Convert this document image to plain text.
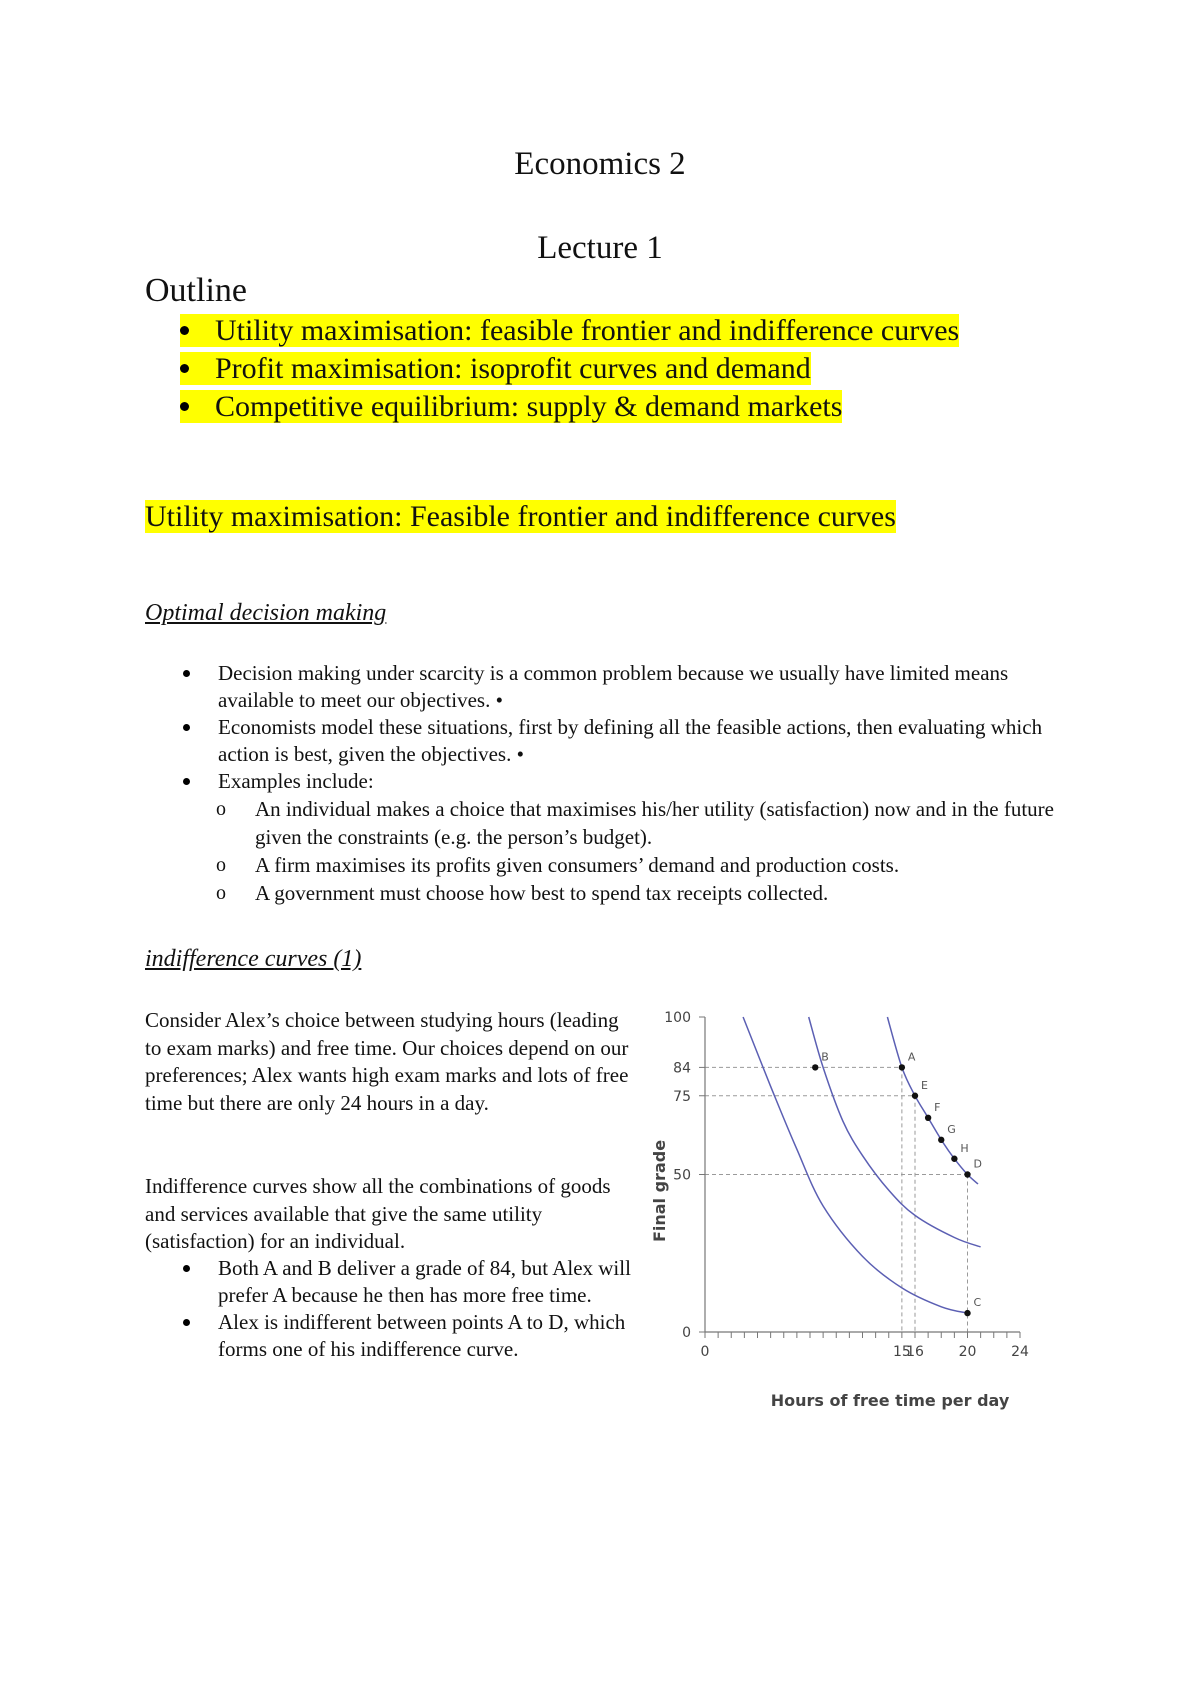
Economics 2
Lecture 1
Outline
Utility maximisation: feasible frontier and indifference curves
Profit maximisation: isoprofit curves and demand
Competitive equilibrium: supply & demand markets
Utility maximisation: Feasible frontier and indifference curves
Optimal decision making
Decision making under scarcity is a common problem because we usually have limited means available to meet our objectives. •
Economists model these situations, first by defining all the feasible actions, then evaluating which action is best, given the objectives. •
Examples include:
o An individual makes a choice that maximises his/her utility (satisfaction) now and in the future given the constraints (e.g. the person’s budget).
o A firm maximises its profits given consumers’ demand and production costs.
o A government must choose how best to spend tax receipts collected.
indifference curves (1)

Consider Alex’s choice between studying hours (leading to exam marks) and free time. Our choices depend on our preferences; Alex wants high exam marks and lots of free time but there are only 24 hours in a day.

Indifference curves show all the combinations of goods and services available that give the same utility (satisfaction) for an individual.

Both A and B deliver a grade of 84, but Alex will prefer A because he then has more free time.
Alex is indifferent between points A to D, which forms one of his indifference curve.	0	15
16 20 24
0
50
75
84
100
A
B
C
D
E
F
G
H
Hours of free time per day
Final grade
